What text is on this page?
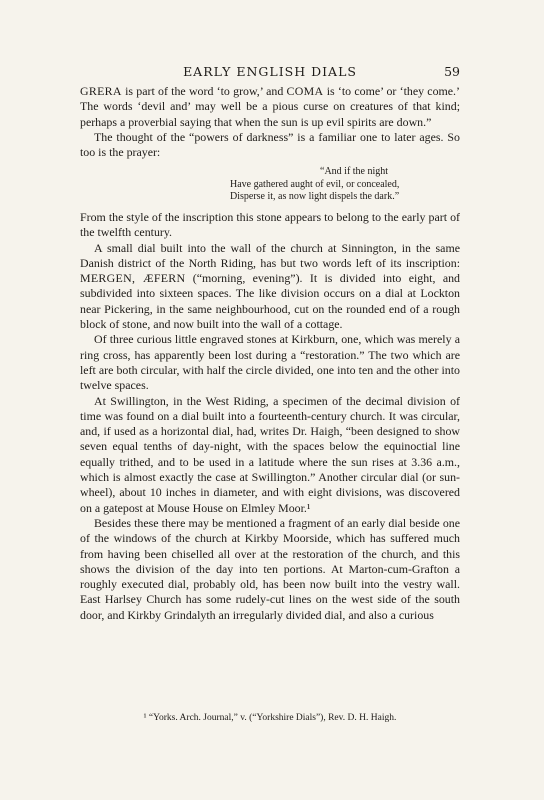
EARLY ENGLISH DIALS	59

GRERA is part of the word ‘to grow,’ and COMA is ‘to come’ or ‘they come.’ The words ‘devil and’ may well be a pious curse on creatures of that kind; perhaps a proverbial saying that when the sun is up evil spirits are down.”

The thought of the “powers of darkness” is a familiar one to later ages. So too is the prayer:

“And if the night
Have gathered aught of evil, or concealed,
Disperse it, as now light dispels the dark.”

From the style of the inscription this stone appears to belong to the early part of the twelfth century.

A small dial built into the wall of the church at Sinnington, in the same Danish district of the North Riding, has but two words left of its inscription: MERGEN, ÆFERN (“morning, evening”). It is divided into eight, and subdivided into sixteen spaces. The like division occurs on a dial at Lockton near Pickering, in the same neighbourhood, cut on the rounded end of a rough block of stone, and now built into the wall of a cottage.

Of three curious little engraved stones at Kirkburn, one, which was merely a ring cross, has apparently been lost during a “restoration.” The two which are left are both circular, with half the circle divided, one into ten and the other into twelve spaces.

At Swillington, in the West Riding, a specimen of the decimal division of time was found on a dial built into a fourteenth-century church. It was circular, and, if used as a horizontal dial, had, writes Dr. Haigh, “been designed to show seven equal tenths of day-night, with the spaces below the equinoctial line equally trithed, and to be used in a latitude where the sun rises at 3.36 a.m., which is almost exactly the case at Swillington.” Another circular dial (or sun-wheel), about 10 inches in diameter, and with eight divisions, was discovered on a gatepost at Mouse House on Elmley Moor.¹

Besides these there may be mentioned a fragment of an early dial beside one of the windows of the church at Kirkby Moorside, which has suffered much from having been chiselled all over at the restoration of the church, and this shows the division of the day into ten portions. At Marton-cum-Grafton a roughly executed dial, probably old, has been now built into the vestry wall. East Harlsey Church has some rudely-cut lines on the west side of the south door, and Kirkby Grindalyth an irregularly divided dial, and also a curious

¹ “Yorks. Arch. Journal,” v. (“Yorkshire Dials”), Rev. D. H. Haigh.
